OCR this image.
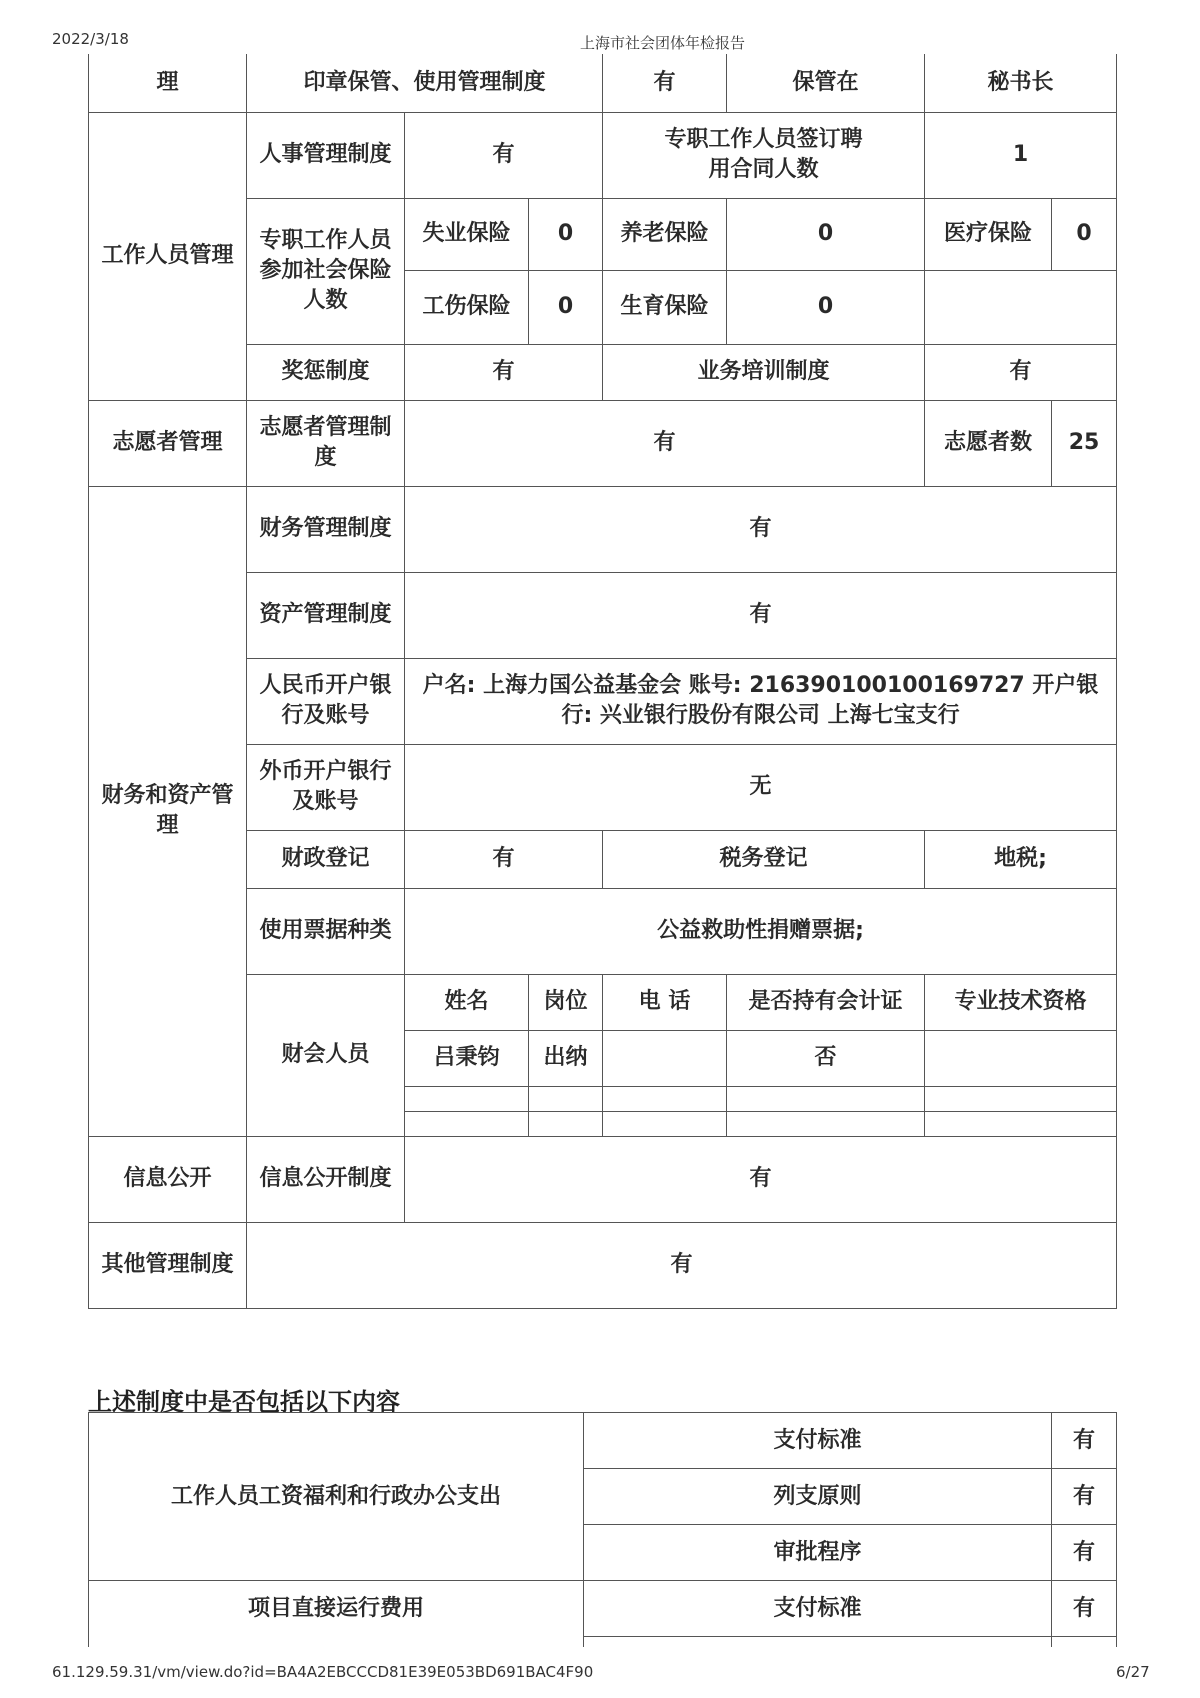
2022/3/18	上海市社会团体年检报告
理	印章保管、使用管理制度			有	保管在	秘书长	
工作人员管理	人事管理制度	有		专职工作人员签订聘用合同人数		1	
	专职工作人员参加社会保险人数	失业保险	0	养老保险	0	医疗保险	0
		工伤保险	0	生育保险	0		
	奖惩制度	有		业务培训制度		有	
志愿者管理	志愿者管理制度	有				志愿者数	25
财务和资产管理	财务管理制度	有					
	资产管理制度	有					
	人民币开户银行及账号	户名: 上海力国公益基金会 账号: 216390100100169727 开户银行: 兴业银行股份有限公司 上海七宝支行					
	外币开户银行及账号	无					
	财政登记	有		税务登记		地税;	
	使用票据种类	公益救助性捐赠票据;					
	财会人员	姓名	岗位	电 话	是否持有会计证	专业技术资格	
		吕秉钧	出纳		否		

信息公开	信息公开制度	有					
其他管理制度	有						
上述制度中是否包括以下内容
工作人员工资福利和行政办公支出	支付标准	有
	列支原则	有
	审批程序	有
项目直接运行费用	支付标准	有

61.129.59.31/vm/view.do?id=BA4A2EBCCCD81E39E053BD691BAC4F90	6/27
